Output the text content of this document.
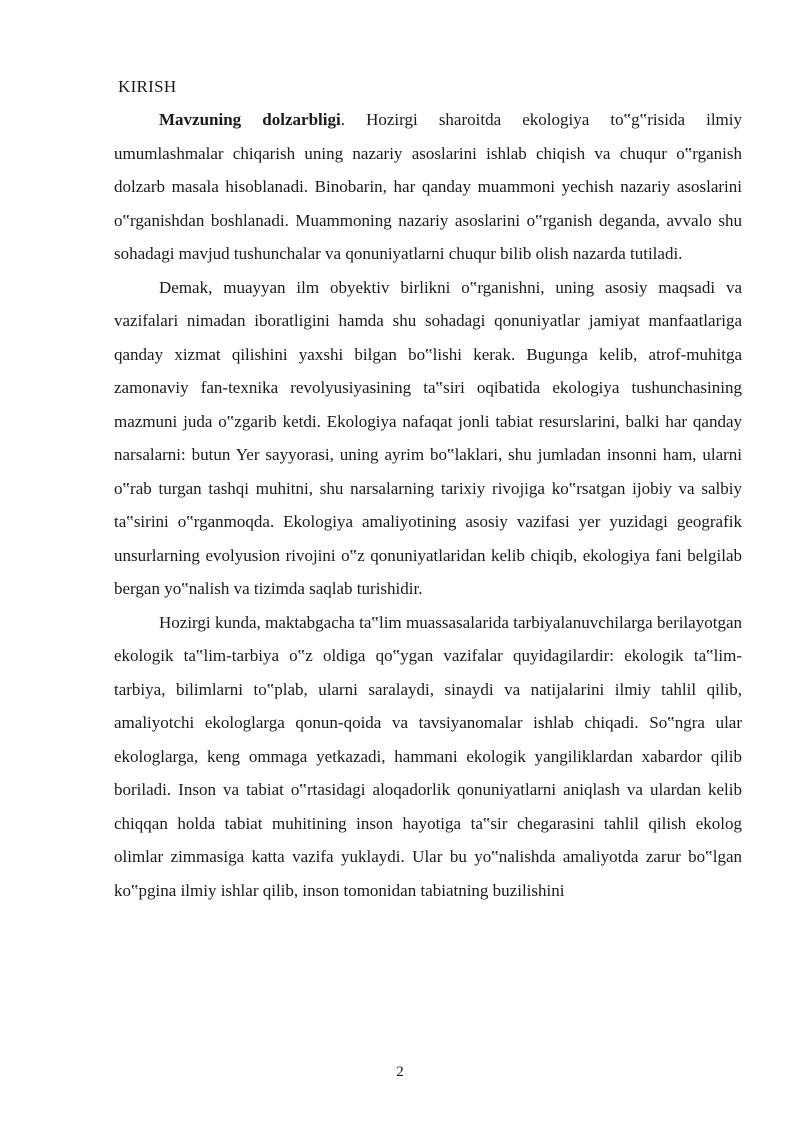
KIRISH

Mavzuning dolzarbligi. Hozirgi sharoitda ekologiya to‟g‟risida ilmiy umumlashmalar chiqarish uning nazariy asoslarini ishlab chiqish va chuqur o‟rganish dolzarb masala hisoblanadi. Binobarin, har qanday muammoni yechish nazariy asoslarini o‟rganishdan boshlanadi. Muammoning nazariy asoslarini o‟rganish deganda, avvalo shu sohadagi mavjud tushunchalar va qonuniyatlarni chuqur bilib olish nazarda tutiladi.

Demak, muayyan ilm obyektiv birlikni o‟rganishni, uning asosiy maqsadi va vazifalari nimadan iboratligini hamda shu sohadagi qonuniyatlar jamiyat manfaatlariga qanday xizmat qilishini yaxshi bilgan bo‟lishi kerak. Bugunga kelib, atrof-muhitga zamonaviy fan-texnika revolyusiyasining ta‟siri oqibatida ekologiya tushunchasining mazmuni juda o‟zgarib ketdi. Ekologiya nafaqat jonli tabiat resurslarini, balki har qanday narsalarni: butun Yer sayyorasi, uning ayrim bo‟laklari, shu jumladan insonni ham, ularni o‟rab turgan tashqi muhitni, shu narsalarning tarixiy rivojiga ko‟rsatgan ijobiy va salbiy ta‟sirini o‟rganmoqda. Ekologiya amaliyotining asosiy vazifasi yer yuzidagi geografik unsurlarning evolyusion rivojini o‟z qonuniyatlaridan kelib chiqib, ekologiya fani belgilab bergan yo‟nalish va tizimda saqlab turishidir.

Hozirgi kunda, maktabgacha ta‟lim muassasalarida tarbiyalanuvchilarga berilayotgan ekologik ta‟lim-tarbiya o‟z oldiga qo‟ygan vazifalar quyidagilardir: ekologik ta‟lim-tarbiya, bilimlarni to‟plab, ularni saralaydi, sinaydi va natijalarini ilmiy tahlil qilib, amaliyotchi ekologlarga qonun-qoida va tavsiyanomalar ishlab chiqadi. So‟ngra ular ekologlarga, keng ommaga yetkazadi, hammani ekologik yangiliklardan xabardor qilib boriladi. Inson va tabiat o‟rtasidagi aloqadorlik qonuniyatlarni aniqlash va ulardan kelib chiqqan holda tabiat muhitining inson hayotiga ta‟sir chegarasini tahlil qilish ekolog olimlar zimmasiga katta vazifa yuklaydi. Ular bu yo‟nalishda amaliyotda zarur bo‟lgan ko‟pgina ilmiy ishlar qilib, inson tomonidan tabiatning buzilishini

2
